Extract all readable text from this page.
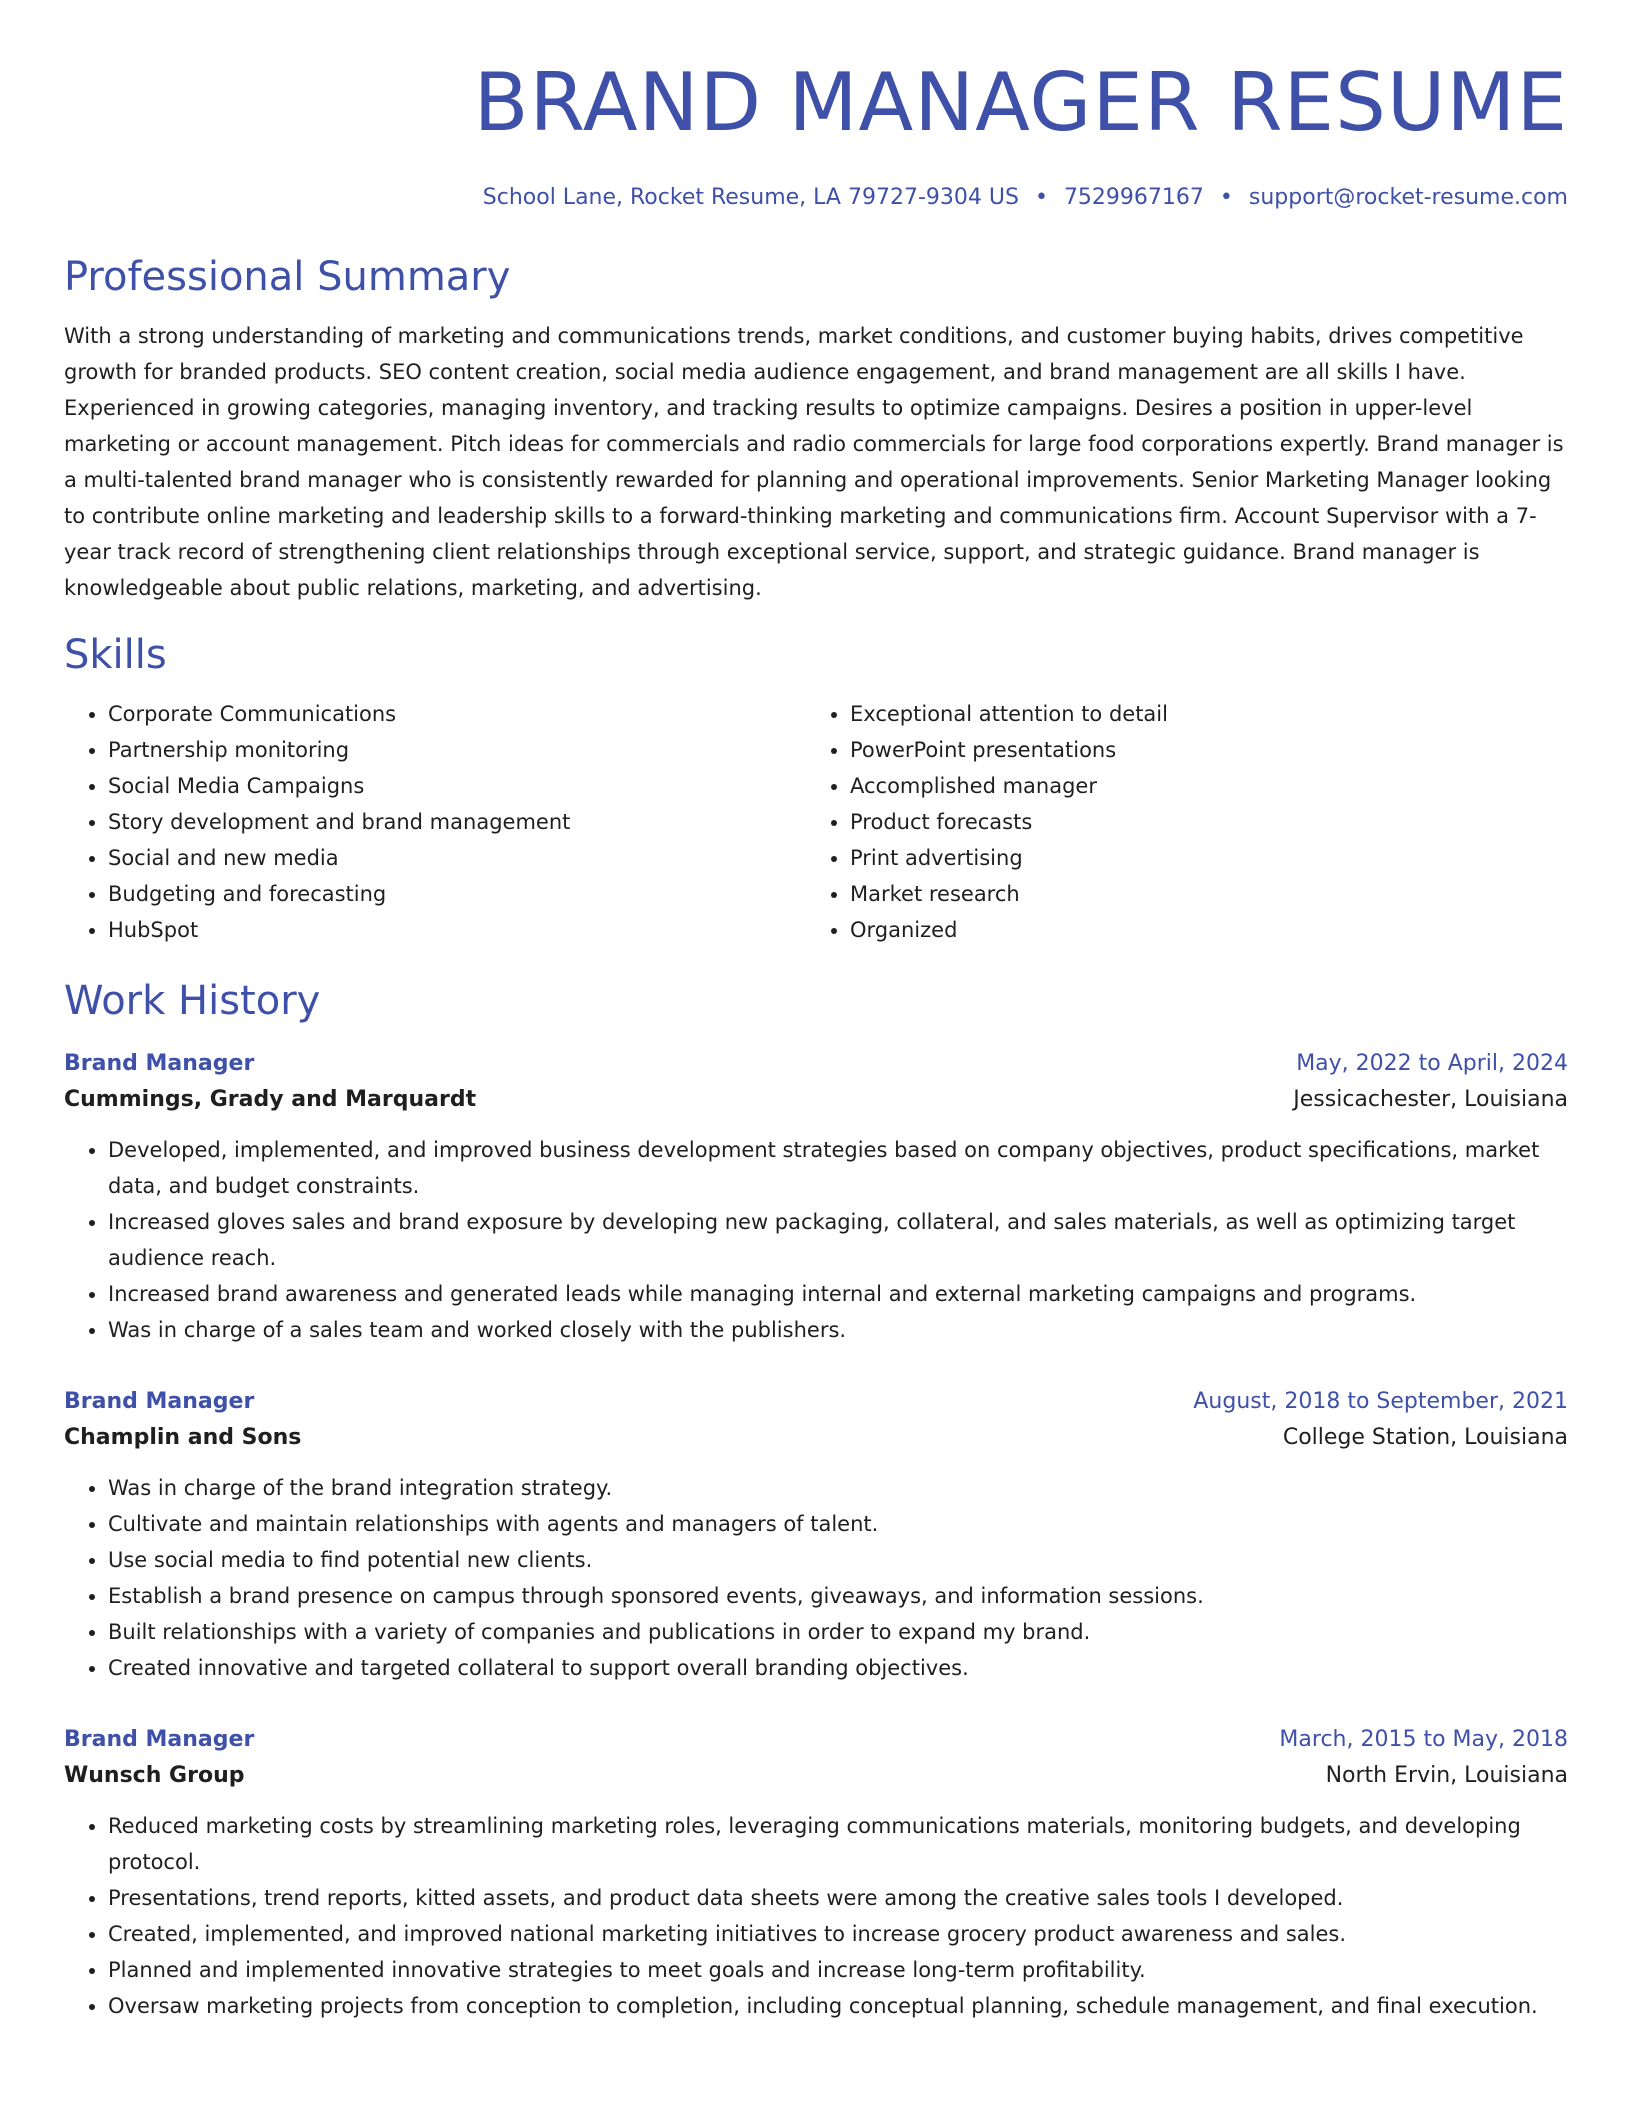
BRAND MANAGER RESUME
School Lane, Rocket Resume, LA 79727-9304 US • 7529967167 • support@rocket-resume.com
Professional Summary
With a strong understanding of marketing and communications trends, market conditions, and customer buying habits, drives competitive growth for branded products. SEO content creation, social media audience engagement, and brand management are all skills I have. Experienced in growing categories, managing inventory, and tracking results to optimize campaigns. Desires a position in upper-level marketing or account management. Pitch ideas for commercials and radio commercials for large food corporations expertly. Brand manager is a multi-talented brand manager who is consistently rewarded for planning and operational improvements. Senior Marketing Manager looking to contribute online marketing and leadership skills to a forward-thinking marketing and communications firm. Account Supervisor with a 7-year track record of strengthening client relationships through exceptional service, support, and strategic guidance. Brand manager is knowledgeable about public relations, marketing, and advertising.
Skills
• Corporate Communications
• Partnership monitoring
• Social Media Campaigns
• Story development and brand management
• Social and new media
• Budgeting and forecasting
• HubSpot
• Exceptional attention to detail
• PowerPoint presentations
• Accomplished manager
• Product forecasts
• Print advertising
• Market research
• Organized
Work History
Brand Manager	May, 2022 to April, 2024
Cummings, Grady and Marquardt	Jessicachester, Louisiana
• Developed, implemented, and improved business development strategies based on company objectives, product specifications, market data, and budget constraints.
• Increased gloves sales and brand exposure by developing new packaging, collateral, and sales materials, as well as optimizing target audience reach.
• Increased brand awareness and generated leads while managing internal and external marketing campaigns and programs.
• Was in charge of a sales team and worked closely with the publishers.
Brand Manager	August, 2018 to September, 2021
Champlin and Sons	College Station, Louisiana
• Was in charge of the brand integration strategy.
• Cultivate and maintain relationships with agents and managers of talent.
• Use social media to find potential new clients.
• Establish a brand presence on campus through sponsored events, giveaways, and information sessions.
• Built relationships with a variety of companies and publications in order to expand my brand.
• Created innovative and targeted collateral to support overall branding objectives.
Brand Manager	March, 2015 to May, 2018
Wunsch Group	North Ervin, Louisiana
• Reduced marketing costs by streamlining marketing roles, leveraging communications materials, monitoring budgets, and developing protocol.
• Presentations, trend reports, kitted assets, and product data sheets were among the creative sales tools I developed.
• Created, implemented, and improved national marketing initiatives to increase grocery product awareness and sales.
• Planned and implemented innovative strategies to meet goals and increase long-term profitability.
• Oversaw marketing projects from conception to completion, including conceptual planning, schedule management, and final execution.
